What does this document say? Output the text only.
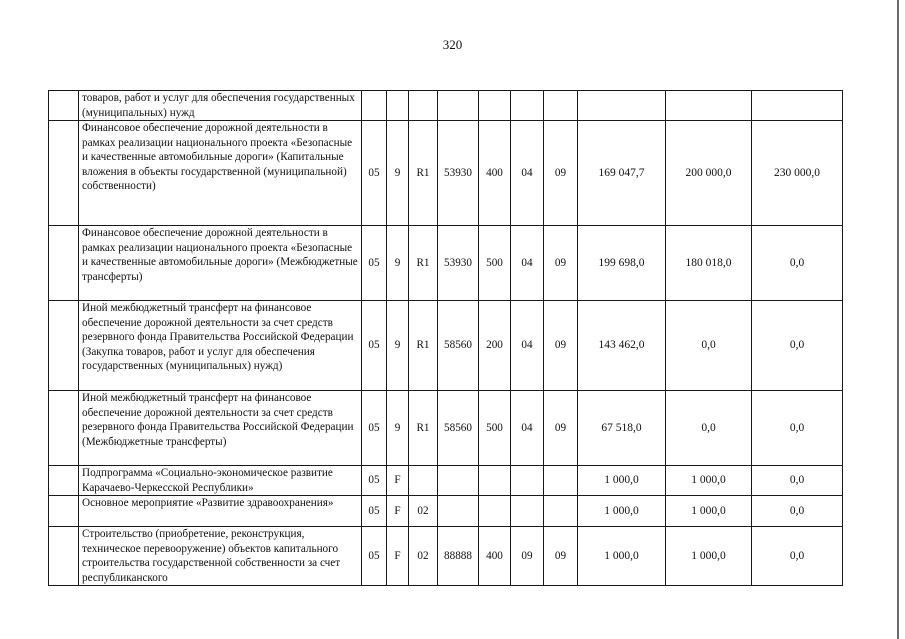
320
	товаров, работ и услуг для обеспечения государственных (муниципальных) нужд										
	Финансовое обеспечение дорожной деятельности в рамках реализации национального проекта «Безопасные и качественные автомобильные дороги» (Капитальные вложения в объекты государственной (муниципальной) собственности)	05	9	R1	53930	400	04	09	169 047,7	200 000,0	230 000,0
	Финансовое обеспечение дорожной деятельности в рамках реализации национального проекта «Безопасные и качественные автомобильные дороги» (Межбюджетные трансферты)	05	9	R1	53930	500	04	09	199 698,0	180 018,0	0,0
	Иной межбюджетный трансферт на финансовое обеспечение дорожной деятельности за счет средств резервного фонда Правительства Российской Федерации (Закупка товаров, работ и услуг для обеспечения государственных (муниципальных) нужд)	05	9	R1	58560	200	04	09	143 462,0	0,0	0,0
	Иной межбюджетный трансферт на финансовое обеспечение дорожной деятельности за счет средств резервного фонда Правительства Российской Федерации (Межбюджетные трансферты)	05	9	R1	58560	500	04	09	67 518,0	0,0	0,0
	Подпрограмма «Социально-экономическое развитие Карачаево-Черкесской Республики»	05	F						1 000,0	1 000,0	0,0
	Основное мероприятие «Развитие здравоохранения»	05	F	02					1 000,0	1 000,0	0,0
	Строительство (приобретение, реконструкция, техническое перевооружение) объектов капитального строительства государственной собственности за счет республиканского	05	F	02	88888	400	09	09	1 000,0	1 000,0	0,0
